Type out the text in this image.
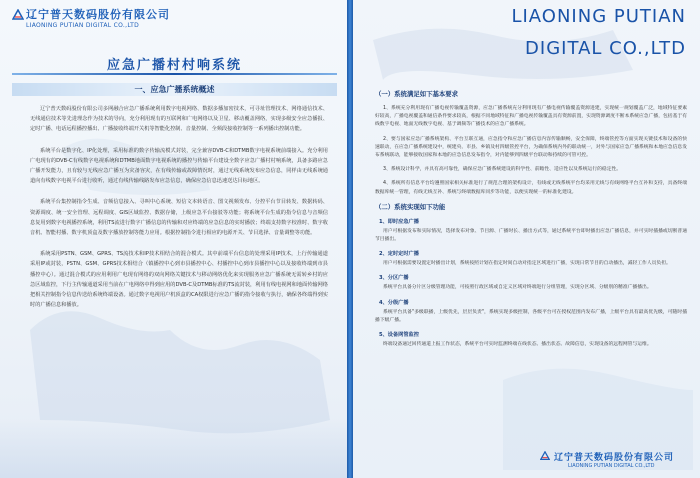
辽宁普天数码股份有限公司
LIAONING PUTIAN DIGITAL CO.,LTD
应急广播村村响系统
一、应急广播系统概述

辽宁普天数码股份有限公司多网融合应急广播系统利用数字电视网络、数据多播加密技术，可寻址管理技术、网络通信技术、无线通信技术等先进理念作为技术的导向，充分利用现有的互联网和广电网络以及卫星、移动覆盖网络，实现多级安全应急播报、定时广播、电话远程播控播出、广播接收终端开关机等智能化控制、音量控制、全频段接收控制等一系列播出控制功能。

系统平台是数字化、IP化处理，采用标准的数字传输流模式封装，完全兼容DVB-C和DTMB数字电视系统前端接入。充分利用广电现有的DVB-C有线数字电视系统和DTMB地面数字电视系统的播控与传输平台建设全数字应急广播村村响系统，具备多路应急广播开发能力，且有较与无线应急广播互为灾备容灾，在有线传输或故障情况时，通过无线系统发布应急信息，同样由无线系统通道向有线数字电视平台进行收听，通过有线传输线路发布应急信息，确保应急信息迅速送达目标地区。

系统平台集控制指令生成、音频信息接入、寻叫中心系统、短信文本转语音、图文视频发布、分控平台节目转发、数据转码、资源调度、统一安全管理、远程调度、GIS区域监控、数据存储，上级应急平台接驳等功能；将系统平台生成的指令信息与音频信息复用到数字电视播控系统，利用TS流进行数字广播信息的传输和对应终端的应急信息的实时播放；终端支持数字校准时、数字收音机、智能村播、数字机顶盒及数字播放控制等能力应用。根据控制指令进行相应的电源开关、节目选择、音量调整等功能。

系统采用PSTN、GSM、GPRS、TS流技术和IP技术相结合的混合模式。其中前端平台信息的处理采用IP技术，上行传输通道采用IP或封装，PSTN、GSM、GPRS技术相结合（镇播控中心到市县播控中心、村播控中心到市县播控中心以及接收终端到市县播控中心）。通过混合模式的应用利用广电现有网络的双向网络关键技术与移动网络优化来实现服务应急广播系统无需转乡村的应急区域监控，下行主传输通道采用当前在广电网络中得到应用的DVB-C及DTMB标准的TS流封装，利用有线电视网和地面传输网络把相关控制指令信息传送给系统终端设备。通过数字电视用户机顶盒的CA权限进行应急广播的指令接收与执行，确保各终端得到实时的广播信息和播放。

LIAONING PUTIAN
DIGITAL CO.,LTD
（一）系统满足如下基本要求

1、系统充分利用现有广播电视传输覆盖资源，应急广播系统充分利用现有广播电视传输覆盖资源进建，实现统一规划覆盖广泛，地域特征要素好较高，广播电视覆盖和通信条件要求较高，根据不同地域特征和广播电视传输覆盖具有资源前置，实现资源调度不断本系统应急广播，包括基于有线数字电视、地面无线数字电视、基于调频等广播技术的应急广播系统。

2、要与国家应急广播系统架构、平台互联互通，应急指令和应急广播信息内容传输顺畅，安全保障，终端管控等方面实现关键技术和设备的快速联动，在应急广播系统建设中，统建央、市县、乡镇及村四级管控平台，为确保系统内外的联动统一，对外与国家应急广播系统和本地应急信息发布系统联动，能够接收国家和本地的应急信息发布指令，对内能够到四级平台联动和持续的可管可控。

3、系统设计科学，并具有高可靠性，确保应急广播系统建设的科学性、前瞻性、适应性以及系统运行的稳定性。

4、系统所有信息平台均遵照国家相关标准进行了规范合理的架构设计，有线或无线系统平台均采用无线与有线网络平台互补和支持，具备终端数据库统一管理，有线无线互补、系统与终端数据库同步等功能，以便实现统一的标准化建设。

（二）系统实现如下功能
1、即时应急广播

用户可根据发布和实际情况，选择发布对象、节目源、广播时长、播出方式等，通过系统平台即时播出应急广播信息，并可实时插播或切断普通节目播出。

2、定时定时广播

用户可根据需要设置定时播出计划，系统按照计划在指定时间自动对指定区域进行广播，实现日常节目的自动播出，减轻工作人员负担。

3、分区广播

系统平台具备分片区分级管理功能，可按照行政区域或自定义区域对终端进行分组管理，实现分区域、分级别的精准广播播出。

4、分级广播

系统平台具备"多级联播，上级优先，层层负责"，系统实现多级控制，各级平台可在授权范围内发布广播，上级平台具有最高优先级，可随时插播下级广播。

5、设备网管监控

终端设备通过回传通道上报工作状态，系统平台可实时监测终端在线状态、播出状态、故障信息，实现设备的远程网管与运维。

辽宁普天数码股份有限公司
LIAONING PUTIAN DIGITAL CO.,LTD
